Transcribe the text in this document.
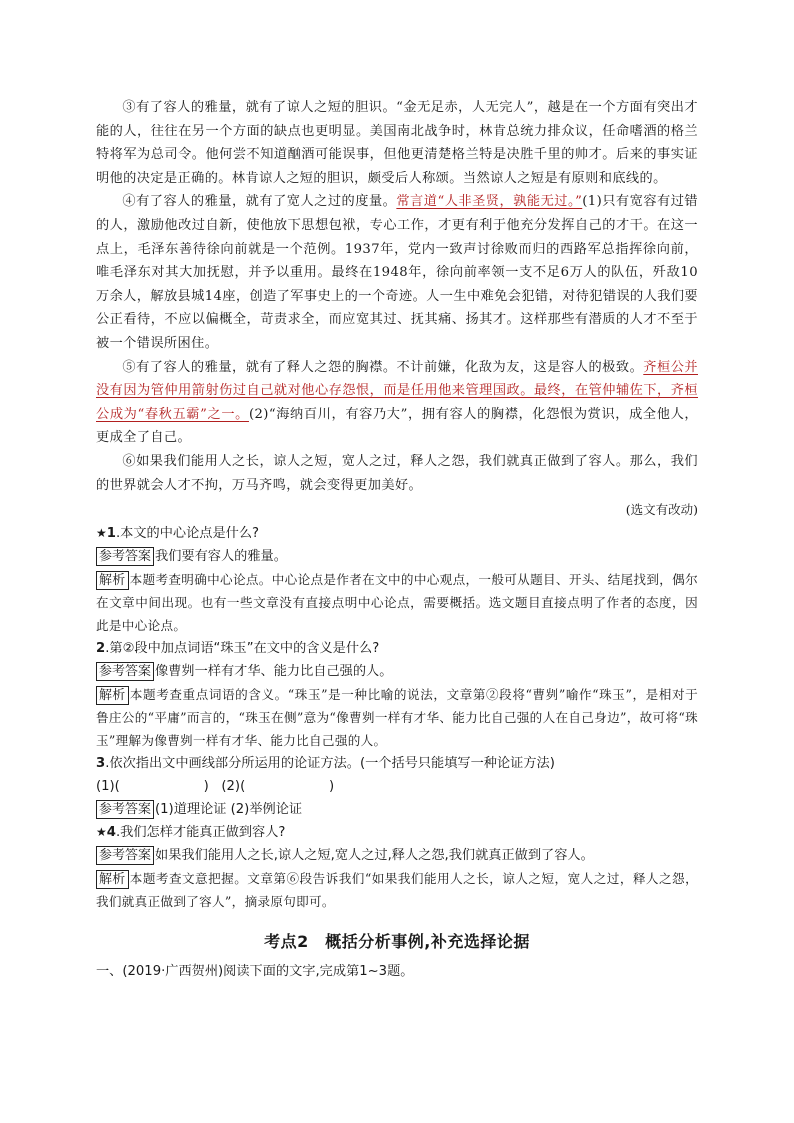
③有了容人的雅量，就有了谅人之短的胆识。“金无足赤，人无完人”，越是在一个方面有突出才能的人，往往在另一个方面的缺点也更明显。美国南北战争时，林肯总统力排众议，任命嗜酒的格兰特将军为总司令。他何尝不知道酗酒可能误事，但他更清楚格兰特是决胜千里的帅才。后来的事实证明他的决定是正确的。林肯谅人之短的胆识，颇受后人称颂。当然谅人之短是有原则和底线的。

④有了容人的雅量，就有了宽人之过的度量。常言道“人非圣贤，孰能无过。”(1)只有宽容有过错的人，激励他改过自新，使他放下思想包袱，专心工作，才更有利于他充分发挥自己的才干。在这一点上，毛泽东善待徐向前就是一个范例。1937年，党内一致声讨徐败而归的西路军总指挥徐向前，唯毛泽东对其大加抚慰，并予以重用。最终在1948年，徐向前率领一支不足6万人的队伍，歼敌10万余人，解放县城14座，创造了军事史上的一个奇迹。人一生中难免会犯错，对待犯错误的人我们要公正看待，不应以偏概全，苛责求全，而应宽其过、抚其痛、扬其才。这样那些有潜质的人才不至于被一个错误所困住。

⑤有了容人的雅量，就有了释人之怨的胸襟。不计前嫌，化敌为友，这是容人的极致。齐桓公并没有因为管仲用箭射伤过自己就对他心存怨恨，而是任用他来管理国政。最终，在管仲辅佐下，齐桓公成为“春秋五霸”之一。(2)“海纳百川，有容乃大”，拥有容人的胸襟，化怨恨为赏识，成全他人，更成全了自己。

⑥如果我们能用人之长，谅人之短，宽人之过，释人之怨，我们就真正做到了容人。那么，我们的世界就会人才不拘，万马齐鸣，就会变得更加美好。

(选文有改动)

★1.本文的中心论点是什么?

参考答案 我们要有容人的雅量。

解析 本题考查明确中心论点。中心论点是作者在文中的中心观点，一般可从题目、开头、结尾找到，偶尔在文章中间出现。也有一些文章没有直接点明中心论点，需要概括。选文题目直接点明了作者的态度，因此是中心论点。

2.第②段中加点词语“珠玉”在文中的含义是什么?

参考答案 像曹刿一样有才华、能力比自己强的人。

解析 本题考查重点词语的含义。“珠玉”是一种比喻的说法，文章第②段将“曹刿”喻作“珠玉”，是相对于鲁庄公的“平庸”而言的，“珠玉在侧”意为“像曹刿一样有才华、能力比自己强的人在自己身边”，故可将“珠玉”理解为像曹刿一样有才华、能力比自己强的人。

3.依次指出文中画线部分所运用的论证方法。(一个括号只能填写一种论证方法)

(1)(                    )   (2)(                    )

参考答案 (1)道理论证 (2)举例论证

★4.我们怎样才能真正做到容人?

参考答案 如果我们能用人之长,谅人之短,宽人之过,释人之怨,我们就真正做到了容人。

解析 本题考查文意把握。文章第⑥段告诉我们“如果我们能用人之长，谅人之短，宽人之过，释人之怨，我们就真正做到了容人”，摘录原句即可。

考点2　概括分析事例,补充选择论据

一、(2019·广西贺州)阅读下面的文字,完成第1~3题。
